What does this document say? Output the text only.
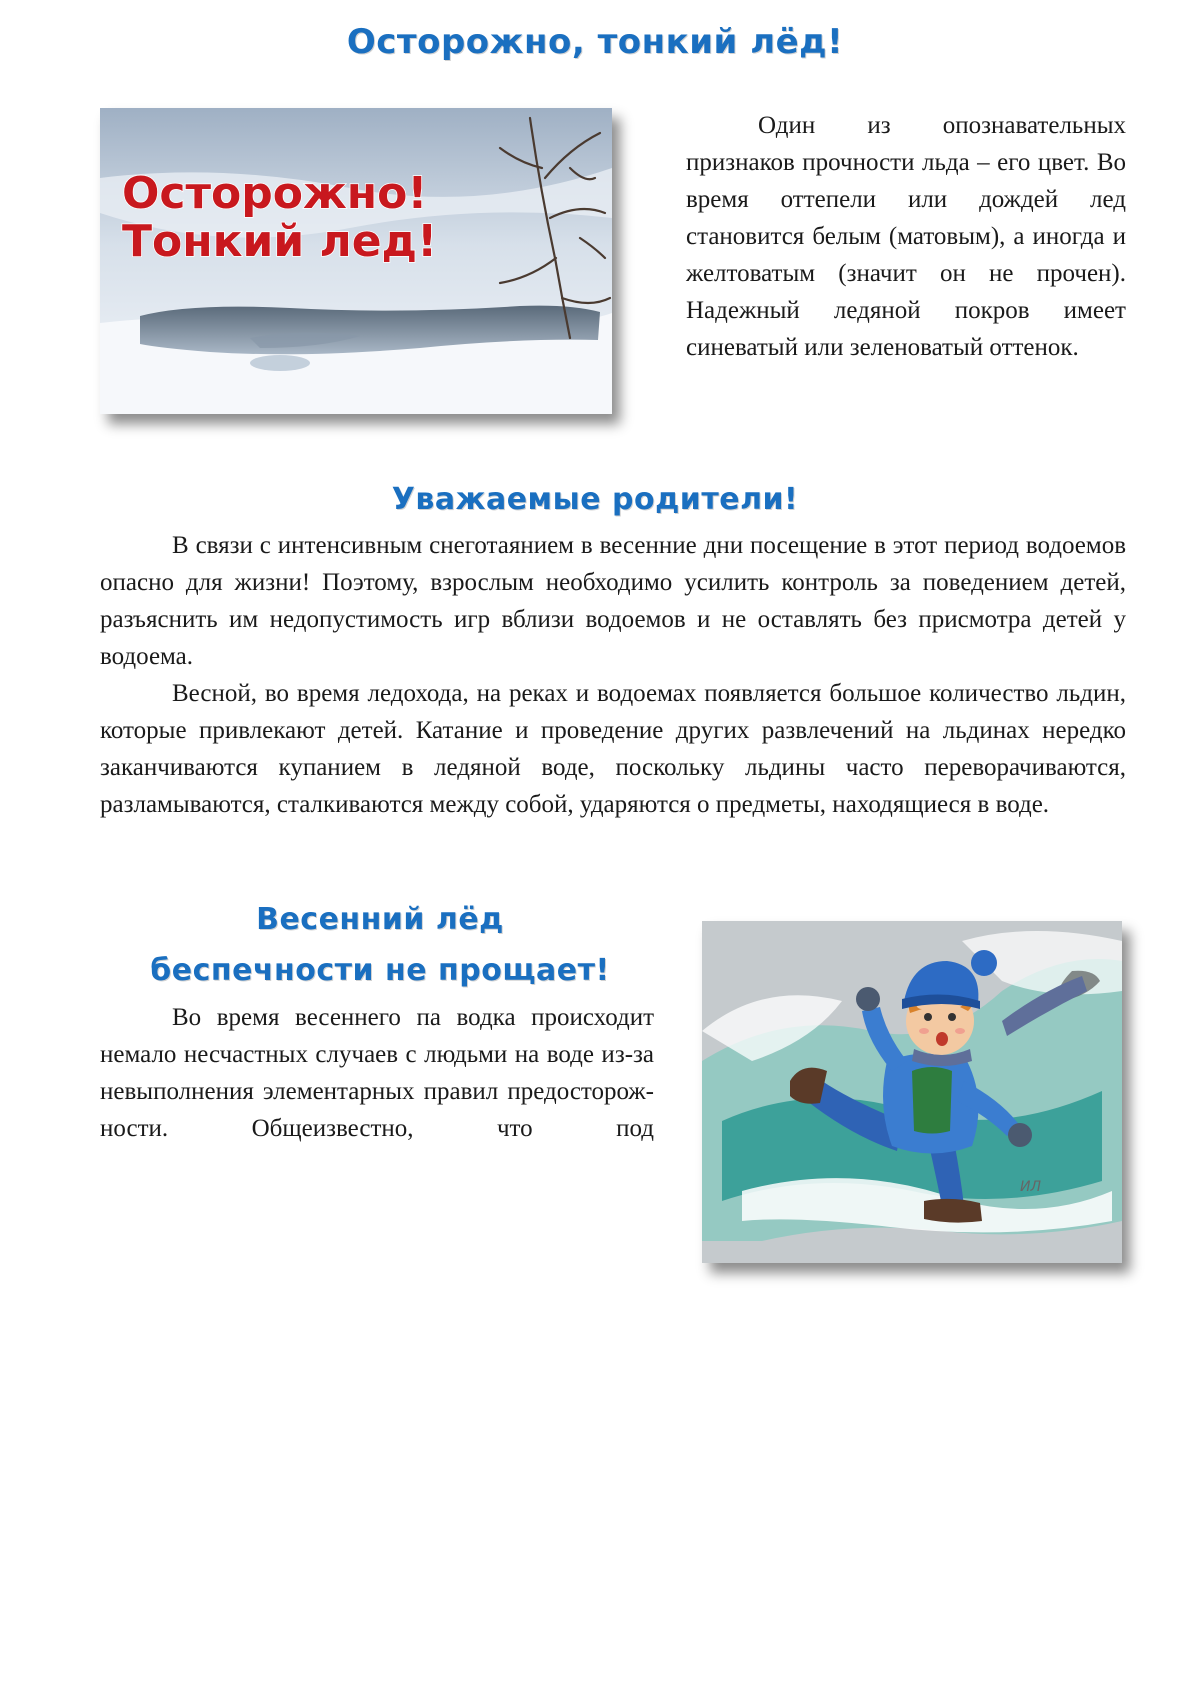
Осторожно, тонкий лёд!
Осторожно!
Тонкий лед!

Один из опознавательных признаков прочности льда – его цвет. Во время оттепели или дождей лед становится белым (матовым), а иногда и желтоватым (значит он не прочен). Надежный ледяной покров имеет синеватый или зеленоватый оттенок.

Уважаемые родители!

В связи с интенсивным снеготаянием в весенние дни посещение в этот период водоемов опасно для жизни! Поэтому, взрослым необходимо усилить контроль за поведением детей, разъяснить им недопустимость игр вблизи водоемов и не оставлять без присмотра детей у водоема.

Весной, во время ледохода, на реках и водоемах появляется большое количество льдин, которые привлекают детей. Катание и проведение других развлечений на льдинах нередко заканчиваются купанием в ледяной воде, поскольку льдины часто переворачиваются, разламываются, сталкиваются между собой, ударяются о предметы, находящиеся в воде.

Весенний лёд
беспечности не прощает!

Во время весеннего па водка происходит немало несчастных случаев с людьми на воде из-за невыполнения элементарных правил предосторож-ности. Общеизвестно, что под

ИЛ
